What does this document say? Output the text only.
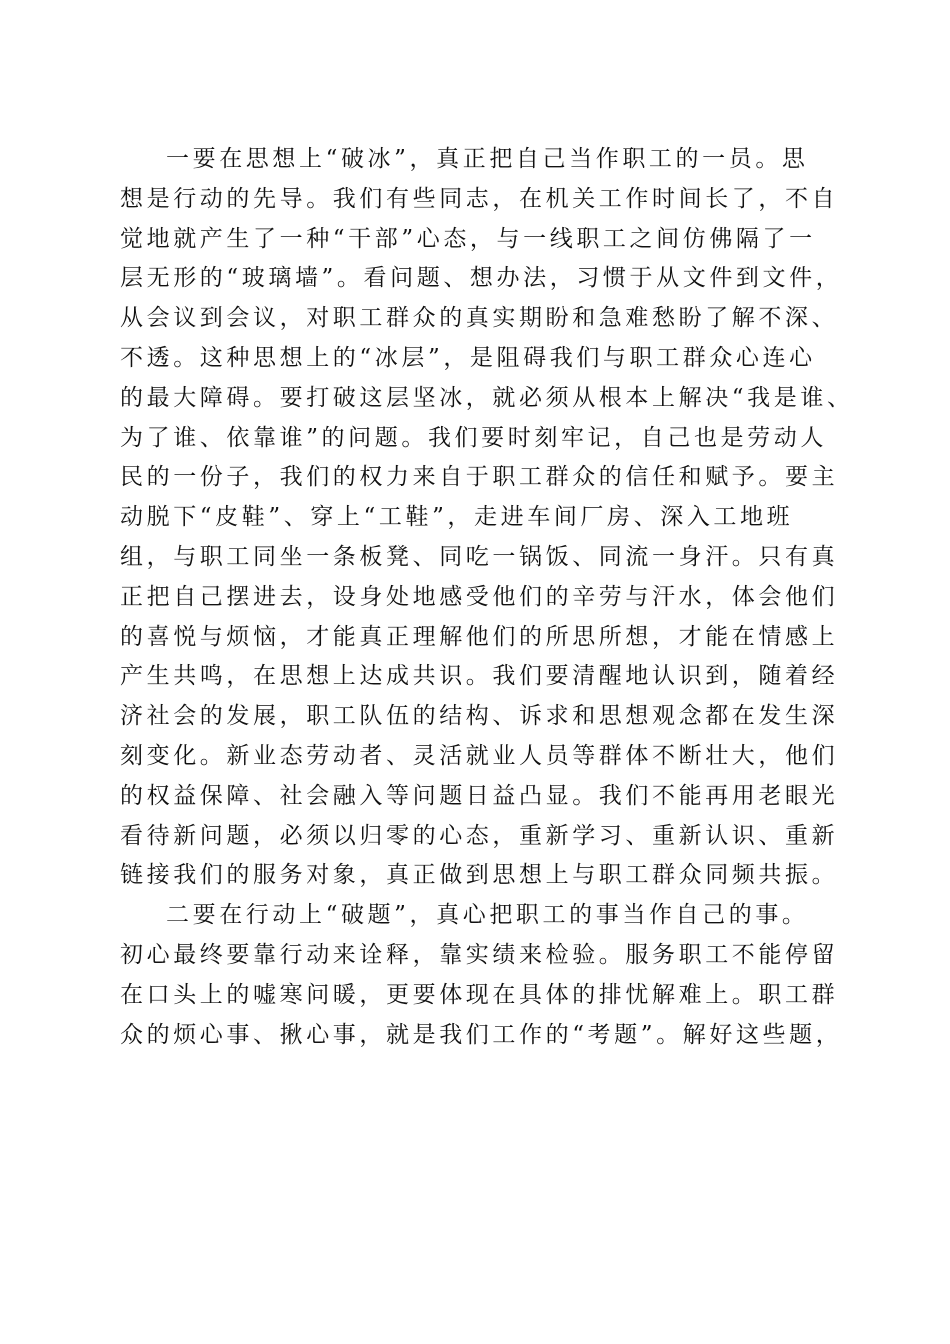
一要在思想上“破冰”，真正把自己当作职工的一员。思
想是行动的先导。我们有些同志，在机关工作时间长了，不自
觉地就产生了一种“干部”心态，与一线职工之间仿佛隔了一
层无形的“玻璃墙”。看问题、想办法，习惯于从文件到文件，
从会议到会议，对职工群众的真实期盼和急难愁盼了解不深、
不透。这种思想上的“冰层”，是阻碍我们与职工群众心连心
的最大障碍。要打破这层坚冰，就必须从根本上解决“我是谁、
为了谁、依靠谁”的问题。我们要时刻牢记，自己也是劳动人
民的一份子，我们的权力来自于职工群众的信任和赋予。要主
动脱下“皮鞋”、穿上“工鞋”，走进车间厂房、深入工地班
组，与职工同坐一条板凳、同吃一锅饭、同流一身汗。只有真
正把自己摆进去，设身处地感受他们的辛劳与汗水，体会他们
的喜悦与烦恼，才能真正理解他们的所思所想，才能在情感上
产生共鸣，在思想上达成共识。我们要清醒地认识到，随着经
济社会的发展，职工队伍的结构、诉求和思想观念都在发生深
刻变化。新业态劳动者、灵活就业人员等群体不断壮大，他们
的权益保障、社会融入等问题日益凸显。我们不能再用老眼光
看待新问题，必须以归零的心态，重新学习、重新认识、重新
链接我们的服务对象，真正做到思想上与职工群众同频共振。
二要在行动上“破题”，真心把职工的事当作自己的事。
初心最终要靠行动来诠释，靠实绩来检验。服务职工不能停留
在口头上的嘘寒问暖，更要体现在具体的排忧解难上。职工群
众的烦心事、揪心事，就是我们工作的“考题”。解好这些题，
